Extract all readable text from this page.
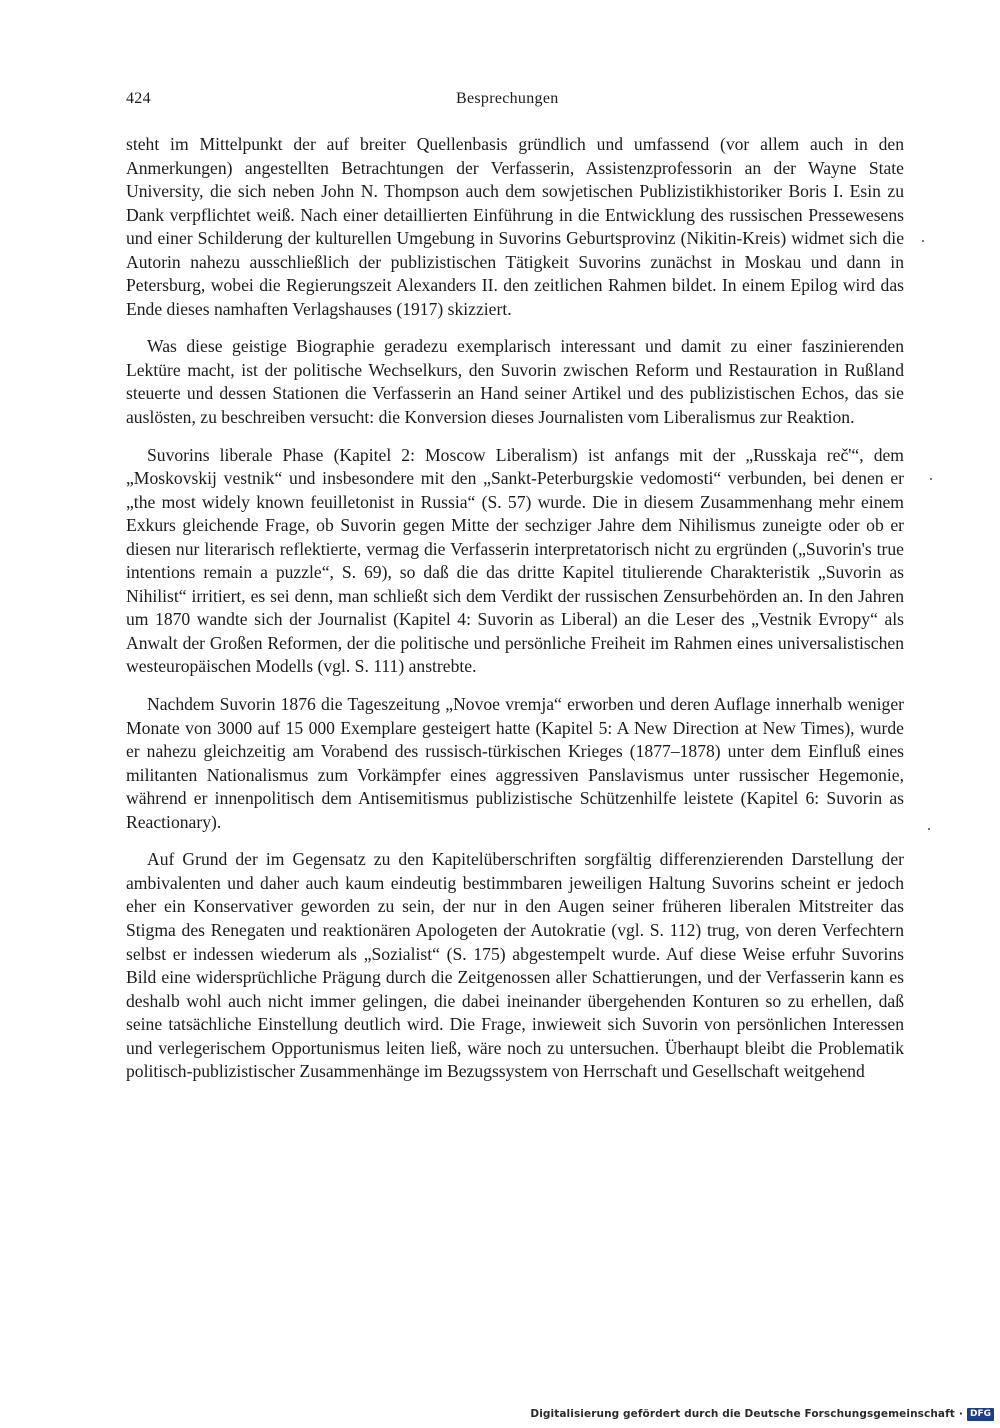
424	Besprechungen

steht im Mittelpunkt der auf breiter Quellenbasis gründlich und umfassend (vor allem auch in den Anmerkungen) angestellten Betrachtungen der Verfasserin, Assistenzprofessorin an der Wayne State University, die sich neben John N. Thompson auch dem sowjetischen Publizistikhistoriker Boris I. Esin zu Dank verpflichtet weiß. Nach einer detaillierten Einführung in die Entwicklung des russischen Pressewesens und einer Schilderung der kulturellen Umgebung in Suvorins Geburtsprovinz (Nikitin-Kreis) widmet sich die Autorin nahezu ausschließlich der publizistischen Tätigkeit Suvorins zunächst in Moskau und dann in Petersburg, wobei die Regierungszeit Alexanders II. den zeitlichen Rahmen bildet. In einem Epilog wird das Ende dieses namhaften Verlagshauses (1917) skizziert.

Was diese geistige Biographie geradezu exemplarisch interessant und damit zu einer faszinierenden Lektüre macht, ist der politische Wechselkurs, den Suvorin zwischen Reform und Restauration in Rußland steuerte und dessen Stationen die Verfasserin an Hand seiner Artikel und des publizistischen Echos, das sie auslösten, zu beschreiben versucht: die Konversion dieses Journalisten vom Liberalismus zur Reaktion.

Suvorins liberale Phase (Kapitel 2: Moscow Liberalism) ist anfangs mit der „Russkaja reč'“, dem „Moskovskij vestnik“ und insbesondere mit den „Sankt-Peterburgskie vedomosti“ verbunden, bei denen er „the most widely known feuilletonist in Russia“ (S. 57) wurde. Die in diesem Zusammenhang mehr einem Exkurs gleichende Frage, ob Suvorin gegen Mitte der sechziger Jahre dem Nihilismus zuneigte oder ob er diesen nur literarisch reflektierte, vermag die Verfasserin interpretatorisch nicht zu ergründen („Suvorin's true intentions remain a puzzle“, S. 69), so daß die das dritte Kapitel titulierende Charakteristik „Suvorin as Nihilist“ irritiert, es sei denn, man schließt sich dem Verdikt der russischen Zensurbehörden an. In den Jahren um 1870 wandte sich der Journalist (Kapitel 4: Suvorin as Liberal) an die Leser des „Vestnik Evropy“ als Anwalt der Großen Reformen, der die politische und persönliche Freiheit im Rahmen eines universalistischen westeuropäischen Modells (vgl. S. 111) anstrebte.

Nachdem Suvorin 1876 die Tageszeitung „Novoe vremja“ erworben und deren Auflage innerhalb weniger Monate von 3000 auf 15 000 Exemplare gesteigert hatte (Kapitel 5: A New Direction at New Times), wurde er nahezu gleichzeitig am Vorabend des russisch-türkischen Krieges (1877–1878) unter dem Einfluß eines militanten Nationalismus zum Vorkämpfer eines aggressiven Panslavismus unter russischer Hegemonie, während er innenpolitisch dem Antisemitismus publizistische Schützenhilfe leistete (Kapitel 6: Suvorin as Reactionary).

Auf Grund der im Gegensatz zu den Kapitelüberschriften sorgfältig differenzierenden Darstellung der ambivalenten und daher auch kaum eindeutig bestimmbaren jeweiligen Haltung Suvorins scheint er jedoch eher ein Konservativer geworden zu sein, der nur in den Augen seiner früheren liberalen Mitstreiter das Stigma des Renegaten und reaktionären Apologeten der Autokratie (vgl. S. 112) trug, von deren Verfechtern selbst er indessen wiederum als „Sozialist“ (S. 175) abgestempelt wurde. Auf diese Weise erfuhr Suvorins Bild eine widersprüchliche Prägung durch die Zeitgenossen aller Schattierungen, und der Verfasserin kann es deshalb wohl auch nicht immer gelingen, die dabei ineinander übergehenden Konturen so zu erhellen, daß seine tatsächliche Einstellung deutlich wird. Die Frage, inwieweit sich Suvorin von persönlichen Interessen und verlegerischem Opportunismus leiten ließ, wäre noch zu untersuchen. Überhaupt bleibt die Problematik politisch-publizistischer Zusammenhänge im Bezugssystem von Herrschaft und Gesellschaft weitgehend

Digitalisierung gefördert durch die Deutsche Forschungsgemeinschaft · DFG
